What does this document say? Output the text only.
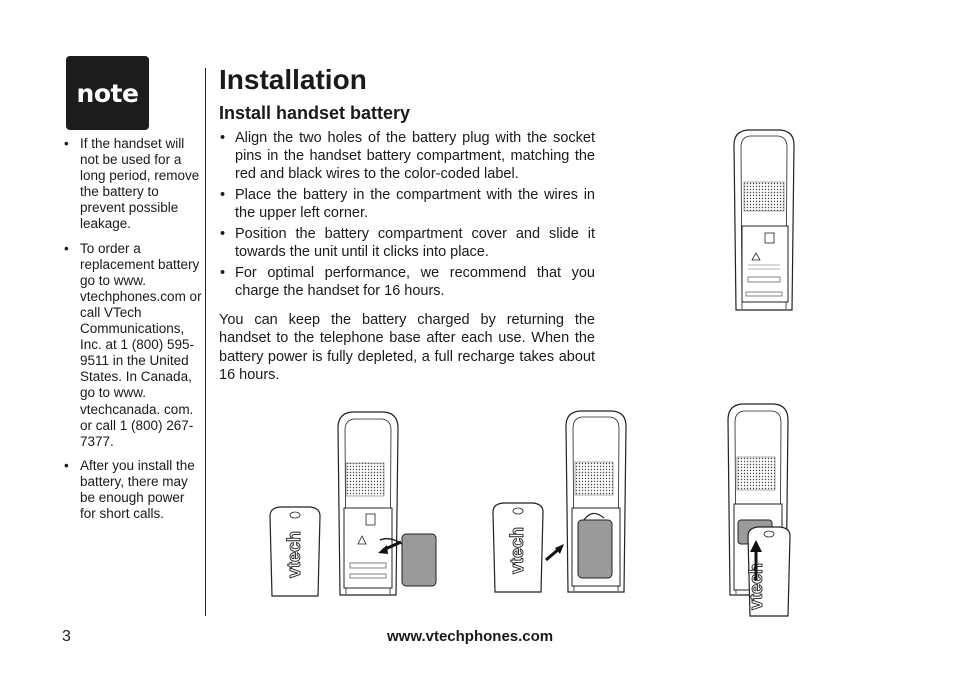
note
• If the handset will not be used for a long period, remove the battery to prevent possible leakage.
• To order a replacement battery go to www. vtechphones.com or call VTech Communications, Inc. at 1 (800) 595-9511 in the United States. In Canada, go to www. vtechcanada. com. or call 1 (800) 267-7377.
• After you install the battery, there may be enough power for short calls.
Installation
Install handset battery
• Align the two holes of the battery plug with the socket pins in the handset battery compartment, matching the red and black wires to the color-coded label.
• Place the battery in the compartment with the wires in the upper left corner.
• Position the battery compartment cover and slide it towards the unit until it clicks into place.
• For optimal performance, we recommend that you charge the handset for 16 hours.

You can keep the battery charged by returning the handset to the telephone base after each use. When the battery power is fully depleted, a full recharge takes about 16 hours.

vtech	vtech
vtech
3	www.vtechphones.com
